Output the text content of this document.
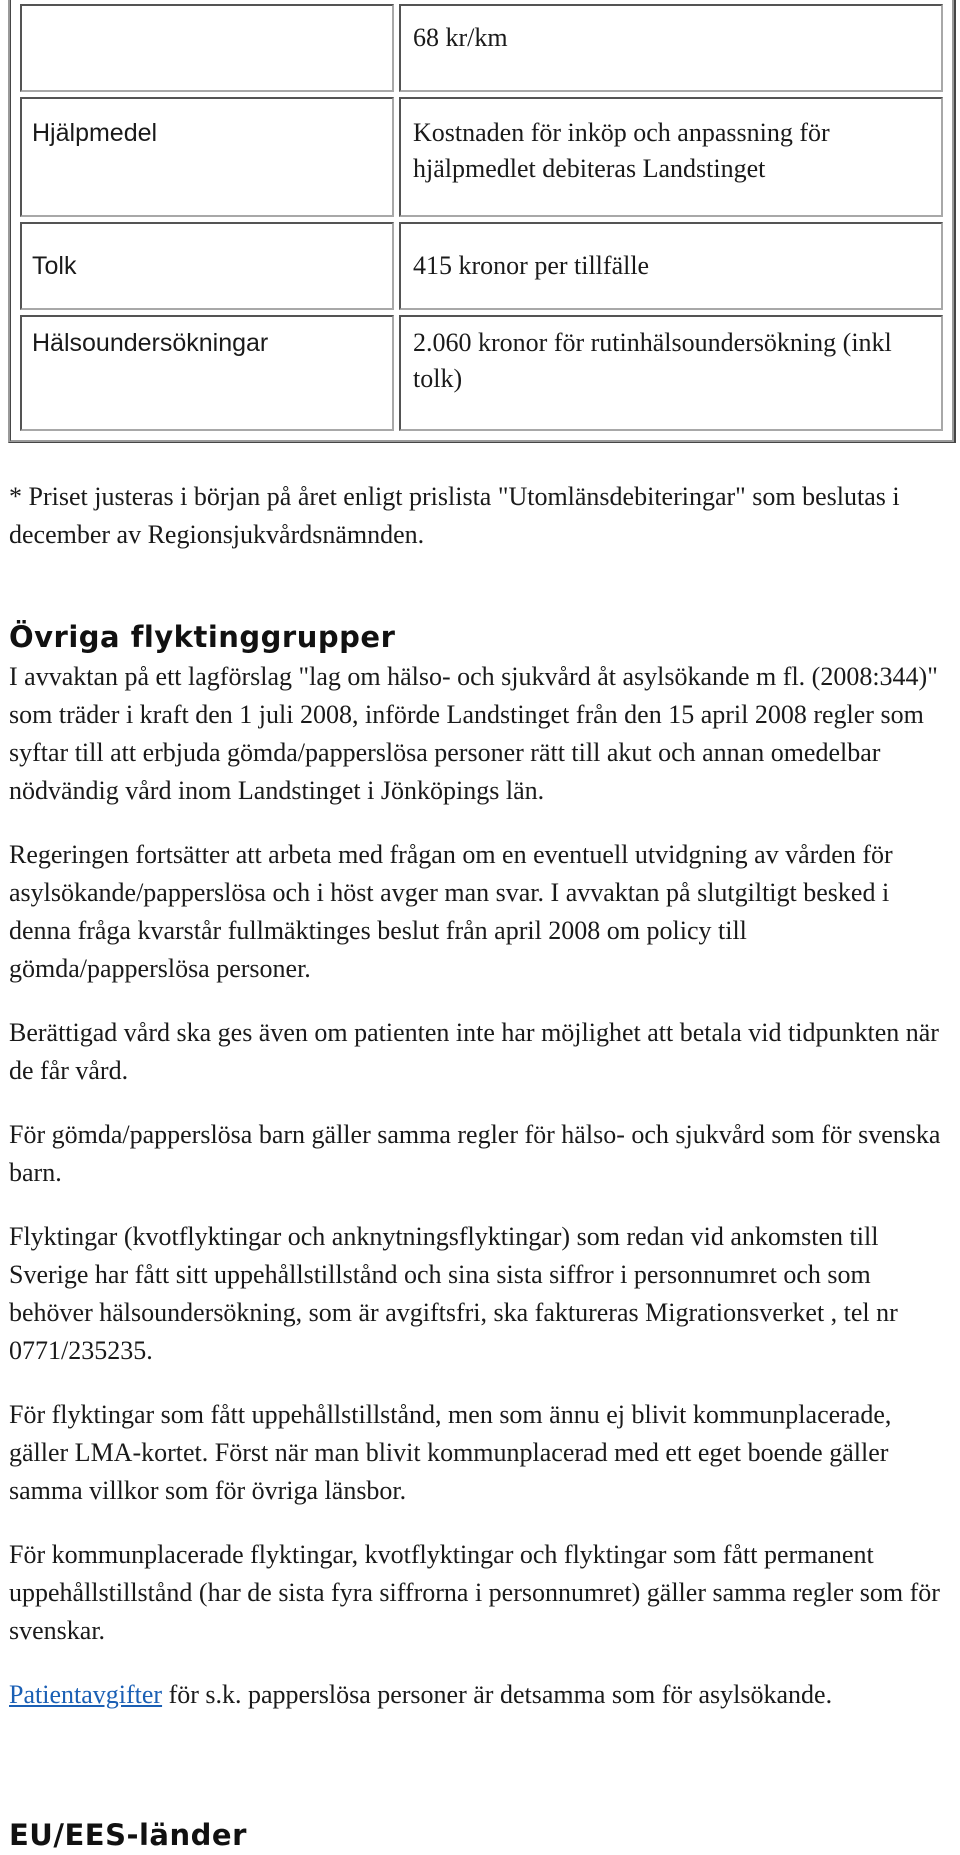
	68 kr/km
Hjälpmedel	Kostnaden för inköp och anpassning för hjälpmedlet debiteras Landstinget
Tolk	415 kronor per tillfälle
Hälsoundersökningar	2.060 kronor för rutinhälsoundersökning (inkl tolk)

* Priset justeras i början på året enligt prislista "Utomlänsdebiteringar" som beslutas i december av Regionsjukvårdsnämnden.

Övriga flyktinggrupper

I avvaktan på ett lagförslag "lag om hälso- och sjukvård åt asylsökande m fl. (2008:344)" som träder i kraft den 1 juli 2008, införde Landstinget från den 15 april 2008 regler som syftar till att erbjuda gömda/papperslösa personer rätt till akut och annan omedelbar nödvändig vård inom Landstinget i Jönköpings län.

Regeringen fortsätter att arbeta med frågan om en eventuell utvidgning av vården för asylsökande/papperslösa och i höst avger man svar. I avvaktan på slutgiltigt besked i denna fråga kvarstår fullmäktinges beslut från april 2008 om policy till gömda/papperslösa personer.

Berättigad vård ska ges även om patienten inte har möjlighet att betala vid tidpunkten när de får vård.

För gömda/papperslösa barn gäller samma regler för hälso- och sjukvård som för svenska barn.

Flyktingar (kvotflyktingar och anknytningsflyktingar) som redan vid ankomsten till Sverige har fått sitt uppehållstillstånd och sina sista siffror i personnumret och som behöver hälsoundersökning, som är avgiftsfri, ska faktureras Migrationsverket , tel nr 0771/235235.

För flyktingar som fått uppehållstillstånd, men som ännu ej blivit kommunplacerade, gäller LMA-kortet. Först när man blivit kommunplacerad med ett eget boende gäller samma villkor som för övriga länsbor.

För kommunplacerade flyktingar, kvotflyktingar och flyktingar som fått permanent uppehållstillstånd (har de sista fyra siffrorna i personnumret) gäller samma regler som för svenskar.

Patientavgifter för s.k. papperslösa personer är detsamma som för asylsökande.

EU/EES-länder
